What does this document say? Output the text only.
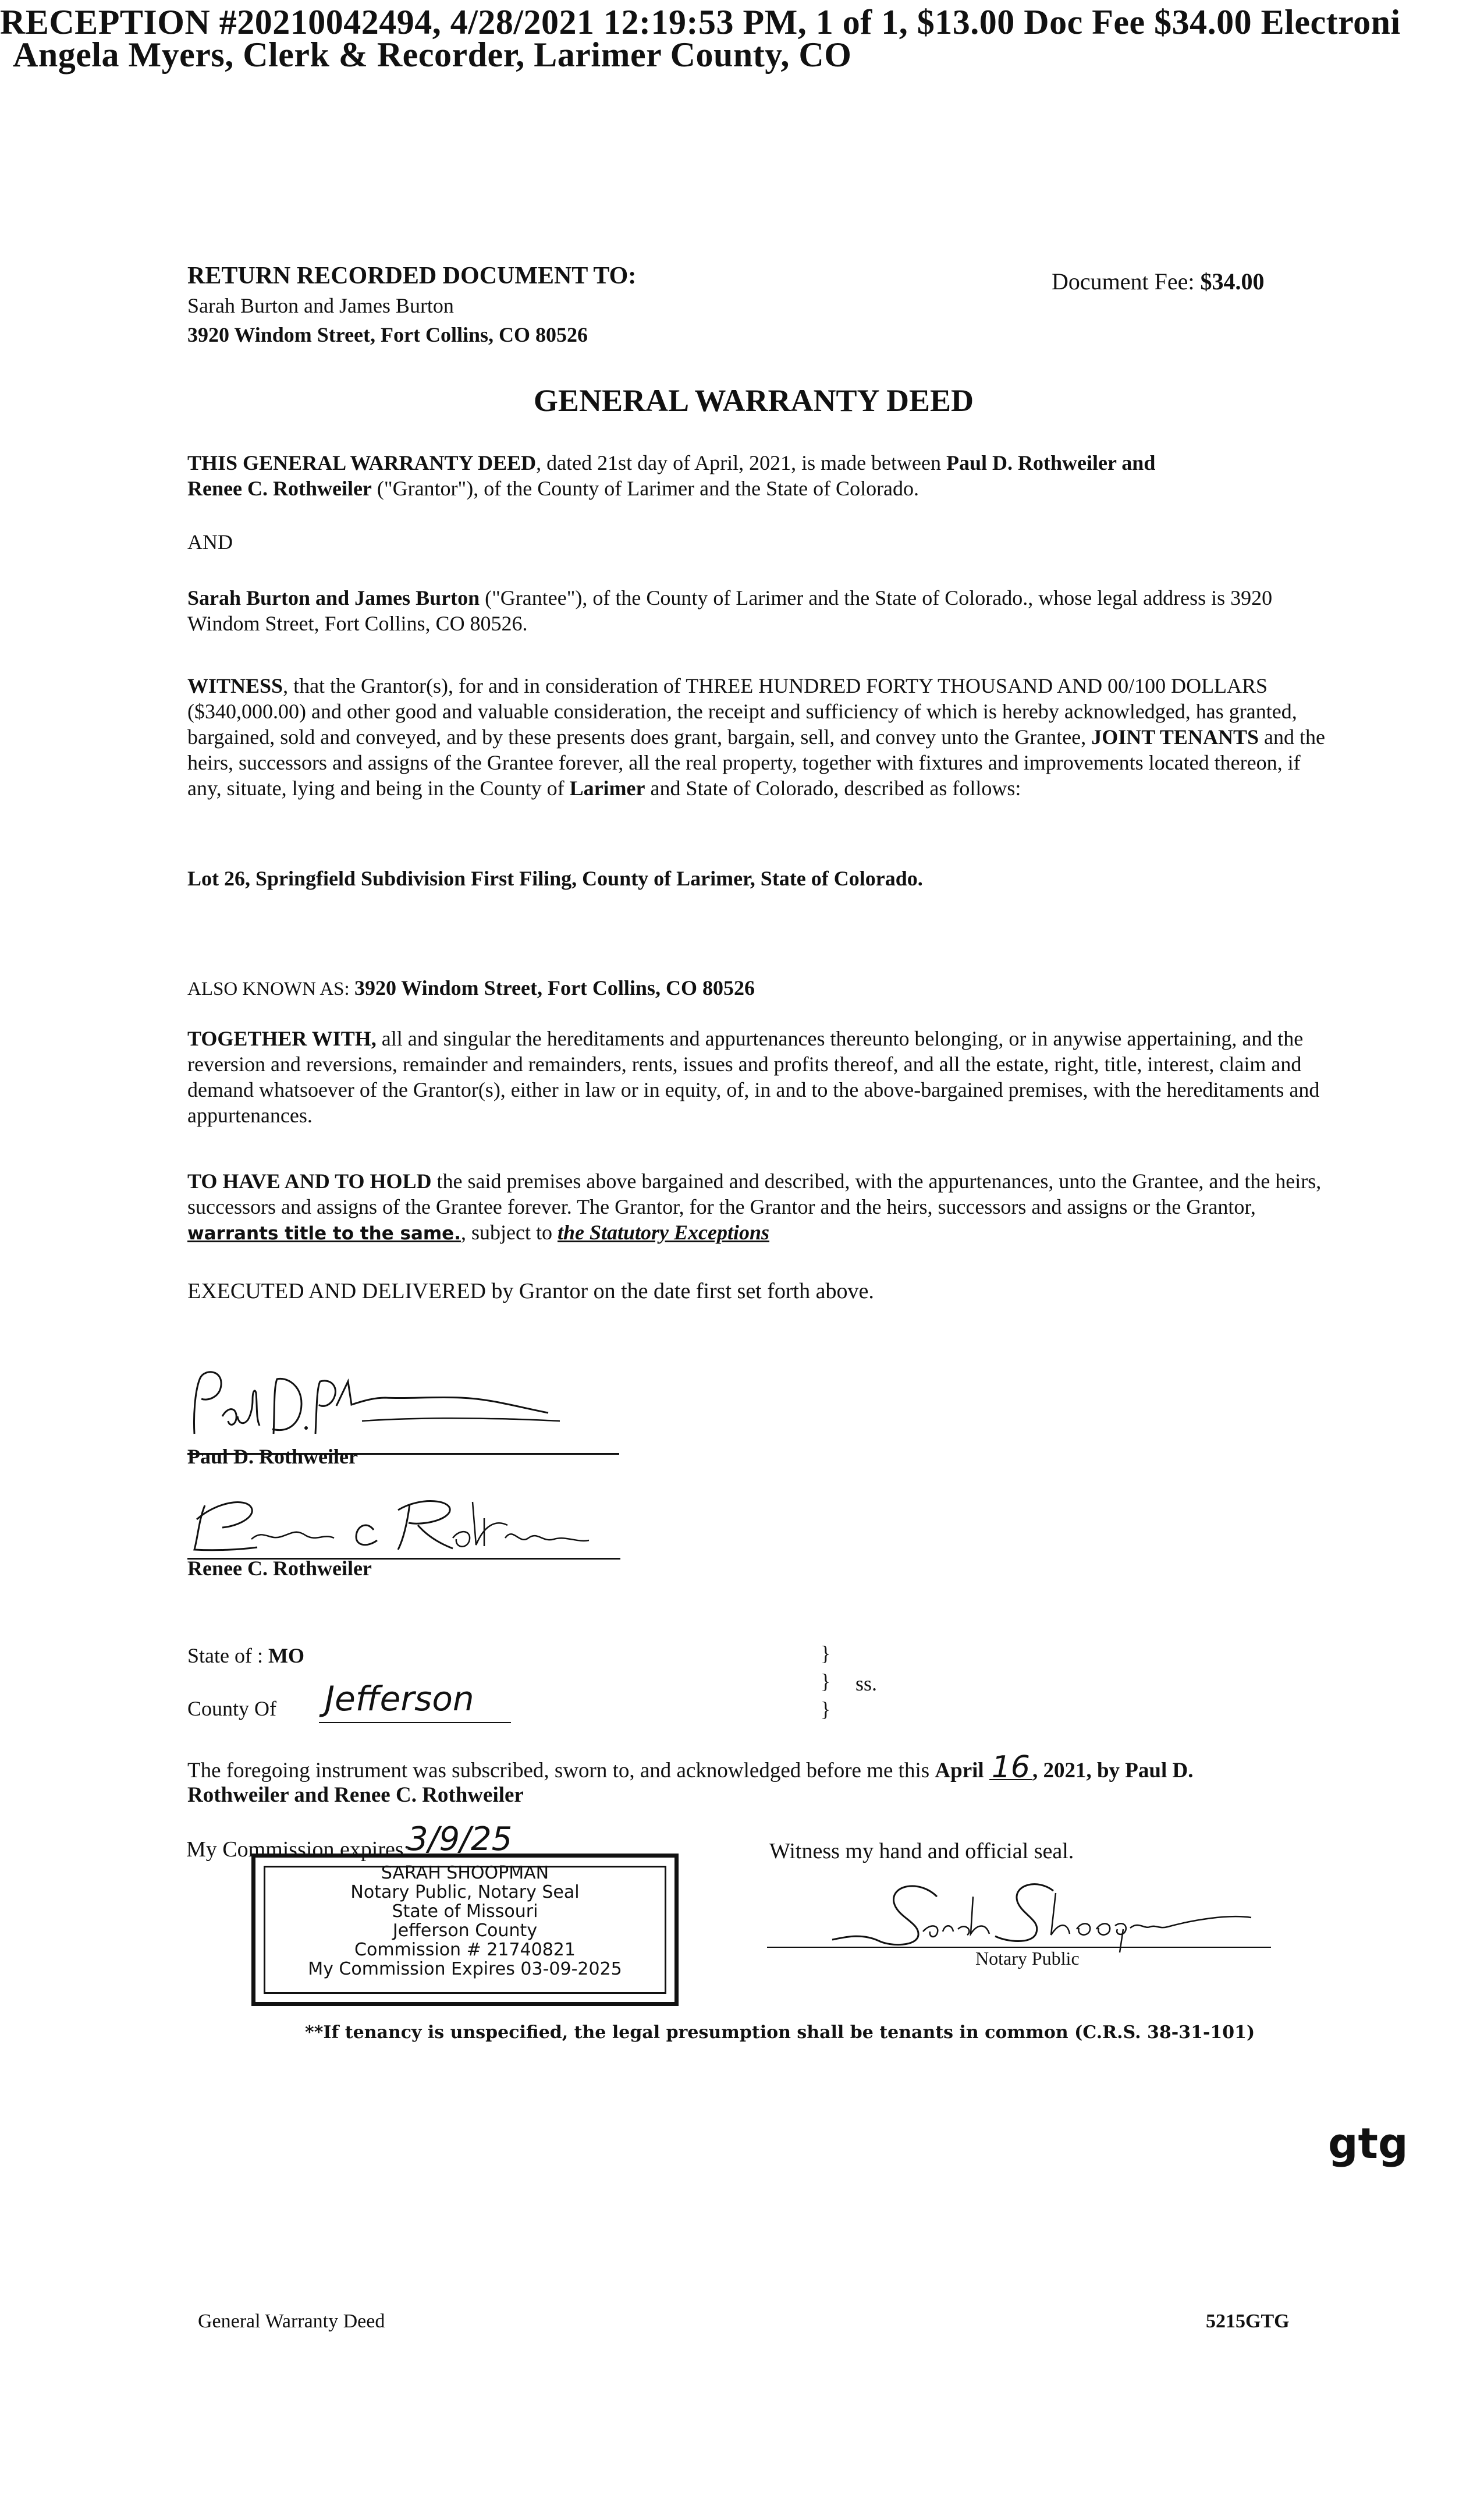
RECEPTION #20210042494, 4/28/2021 12:19:53 PM, 1 of 1, $13.00 Doc Fee $34.00 Electroni
Angela Myers, Clerk & Recorder, Larimer County, CO
RETURN RECORDED DOCUMENT TO:
Sarah Burton and James Burton
3920 Windom Street, Fort Collins, CO 80526
Document Fee: $34.00
GENERAL WARRANTY DEED

THIS GENERAL WARRANTY DEED, dated 21st day of April, 2021, is made between Paul D. Rothweiler and
Renee C. Rothweiler ("Grantor"), of the County of Larimer and the State of Colorado.

AND

Sarah Burton and James Burton ("Grantee"), of the County of Larimer and the State of Colorado., whose legal address is 3920 Windom Street, Fort Collins, CO 80526.

WITNESS, that the Grantor(s), for and in consideration of THREE HUNDRED FORTY THOUSAND AND 00/100 DOLLARS ($340,000.00) and other good and valuable consideration, the receipt and sufficiency of which is hereby acknowledged, has granted, bargained, sold and conveyed, and by these presents does grant, bargain, sell, and convey unto the Grantee, JOINT TENANTS and the heirs, successors and assigns of the Grantee forever, all the real property, together with fixtures and improvements located thereon, if any, situate, lying and being in the County of Larimer and State of Colorado, described as follows:

Lot 26, Springfield Subdivision First Filing, County of Larimer, State of Colorado.
ALSO KNOWN AS: 3920 Windom Street, Fort Collins, CO 80526

TOGETHER WITH, all and singular the hereditaments and appurtenances thereunto belonging, or in anywise appertaining, and the reversion and reversions, remainder and remainders, rents, issues and profits thereof, and all the estate, right, title, interest, claim and demand whatsoever of the Grantor(s), either in law or in equity, of, in and to the above-bargained premises, with the hereditaments and appurtenances.

TO HAVE AND TO HOLD the said premises above bargained and described, with the appurtenances, unto the Grantee, and the heirs, successors and assigns of the Grantee forever. The Grantor, for the Grantor and the heirs, successors and assigns or the Grantor, warrants title to the same., subject to the Statutory Exceptions

EXECUTED AND DELIVERED by Grantor on the date first set forth above.
Paul D. Rothweiler
Renee C. Rothweiler
State of : MO
County Of Jefferson
}
} ss.
}
The foregoing instrument was subscribed, sworn to, and acknowledged before me this April 16 , 2021, by Paul D.
Rothweiler and Renee C. Rothweiler
My Commission expires:
3/9/25	Witness my hand and official seal.
SARAH SHOOPMAN
Notary Public, Notary Seal
State of Missouri
Jefferson County
Commission # 21740821
My Commission Expires 03-09-2025
Notary Public
**If tenancy is unspecified, the legal presumption shall be tenants in common (C.R.S. 38-31-101)
gtg
General Warranty Deed	5215GTG
